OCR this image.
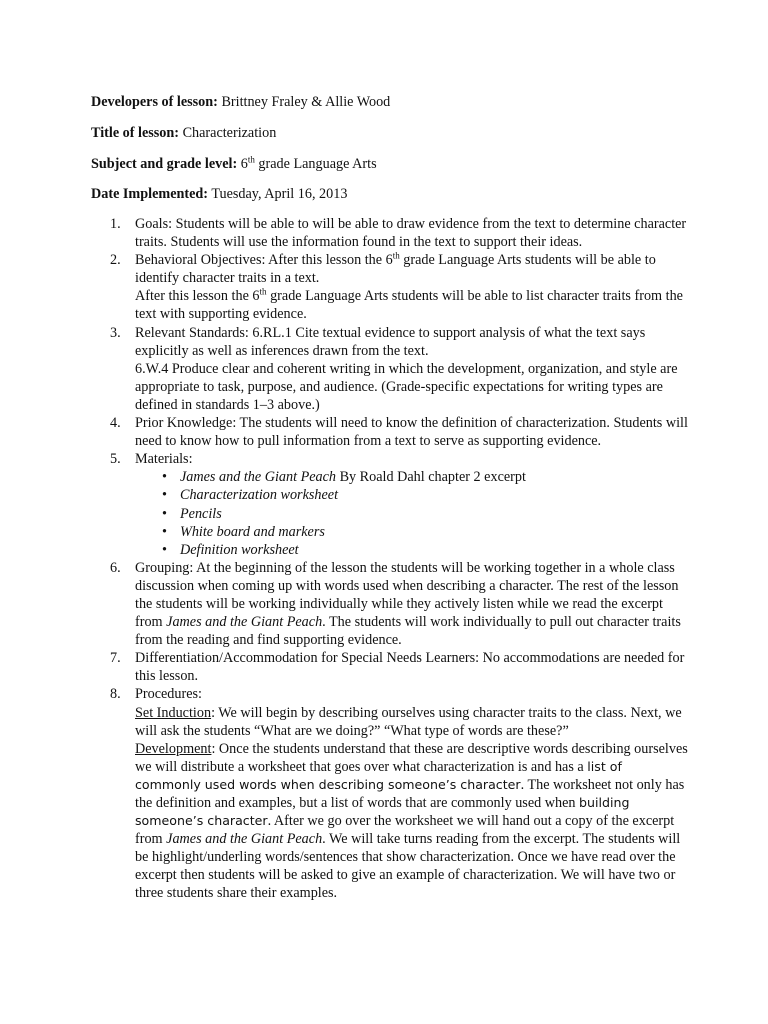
Developers of lesson: Brittney Fraley & Allie Wood

Title of lesson: Characterization

Subject and grade level: 6th grade Language Arts

Date Implemented: Tuesday, April 16, 2013

1. Goals: Students will be able to will be able to draw evidence from the text to determine character traits. Students will use the information found in the text to support their ideas.
2. Behavioral Objectives: After this lesson the 6th grade Language Arts students will be able to identify character traits in a text.
After this lesson the 6th grade Language Arts students will be able to list character traits from the text with supporting evidence.
3. Relevant Standards: 6.RL.1 Cite textual evidence to support analysis of what the text says explicitly as well as inferences drawn from the text.
6.W.4 Produce clear and coherent writing in which the development, organization, and style are appropriate to task, purpose, and audience. (Grade-specific expectations for writing types are defined in standards 1–3 above.)
4. Prior Knowledge: The students will need to know the definition of characterization. Students will need to know how to pull information from a text to serve as supporting evidence.
5. Materials:
• James and the Giant Peach By Roald Dahl chapter 2 excerpt
• Characterization worksheet
• Pencils
• White board and markers
• Definition worksheet
6. Grouping: At the beginning of the lesson the students will be working together in a whole class discussion when coming up with words used when describing a character. The rest of the lesson the students will be working individually while they actively listen while we read the excerpt from James and the Giant Peach. The students will work individually to pull out character traits from the reading and find supporting evidence.
7. Differentiation/Accommodation for Special Needs Learners: No accommodations are needed for this lesson.
8. Procedures:
Set Induction: We will begin by describing ourselves using character traits to the class. Next, we will ask the students “What are we doing?” “What type of words are these?”
Development: Once the students understand that these are descriptive words describing ourselves we will distribute a worksheet that goes over what characterization is and has a list of commonly used words when describing someone’s character. The worksheet not only has the definition and examples, but a list of words that are commonly used when building someone’s character. After we go over the worksheet we will hand out a copy of the excerpt from James and the Giant Peach. We will take turns reading from the excerpt. The students will be highlight/underling words/sentences that show characterization. Once we have read over the excerpt then students will be asked to give an example of characterization. We will have two or three students share their examples.
